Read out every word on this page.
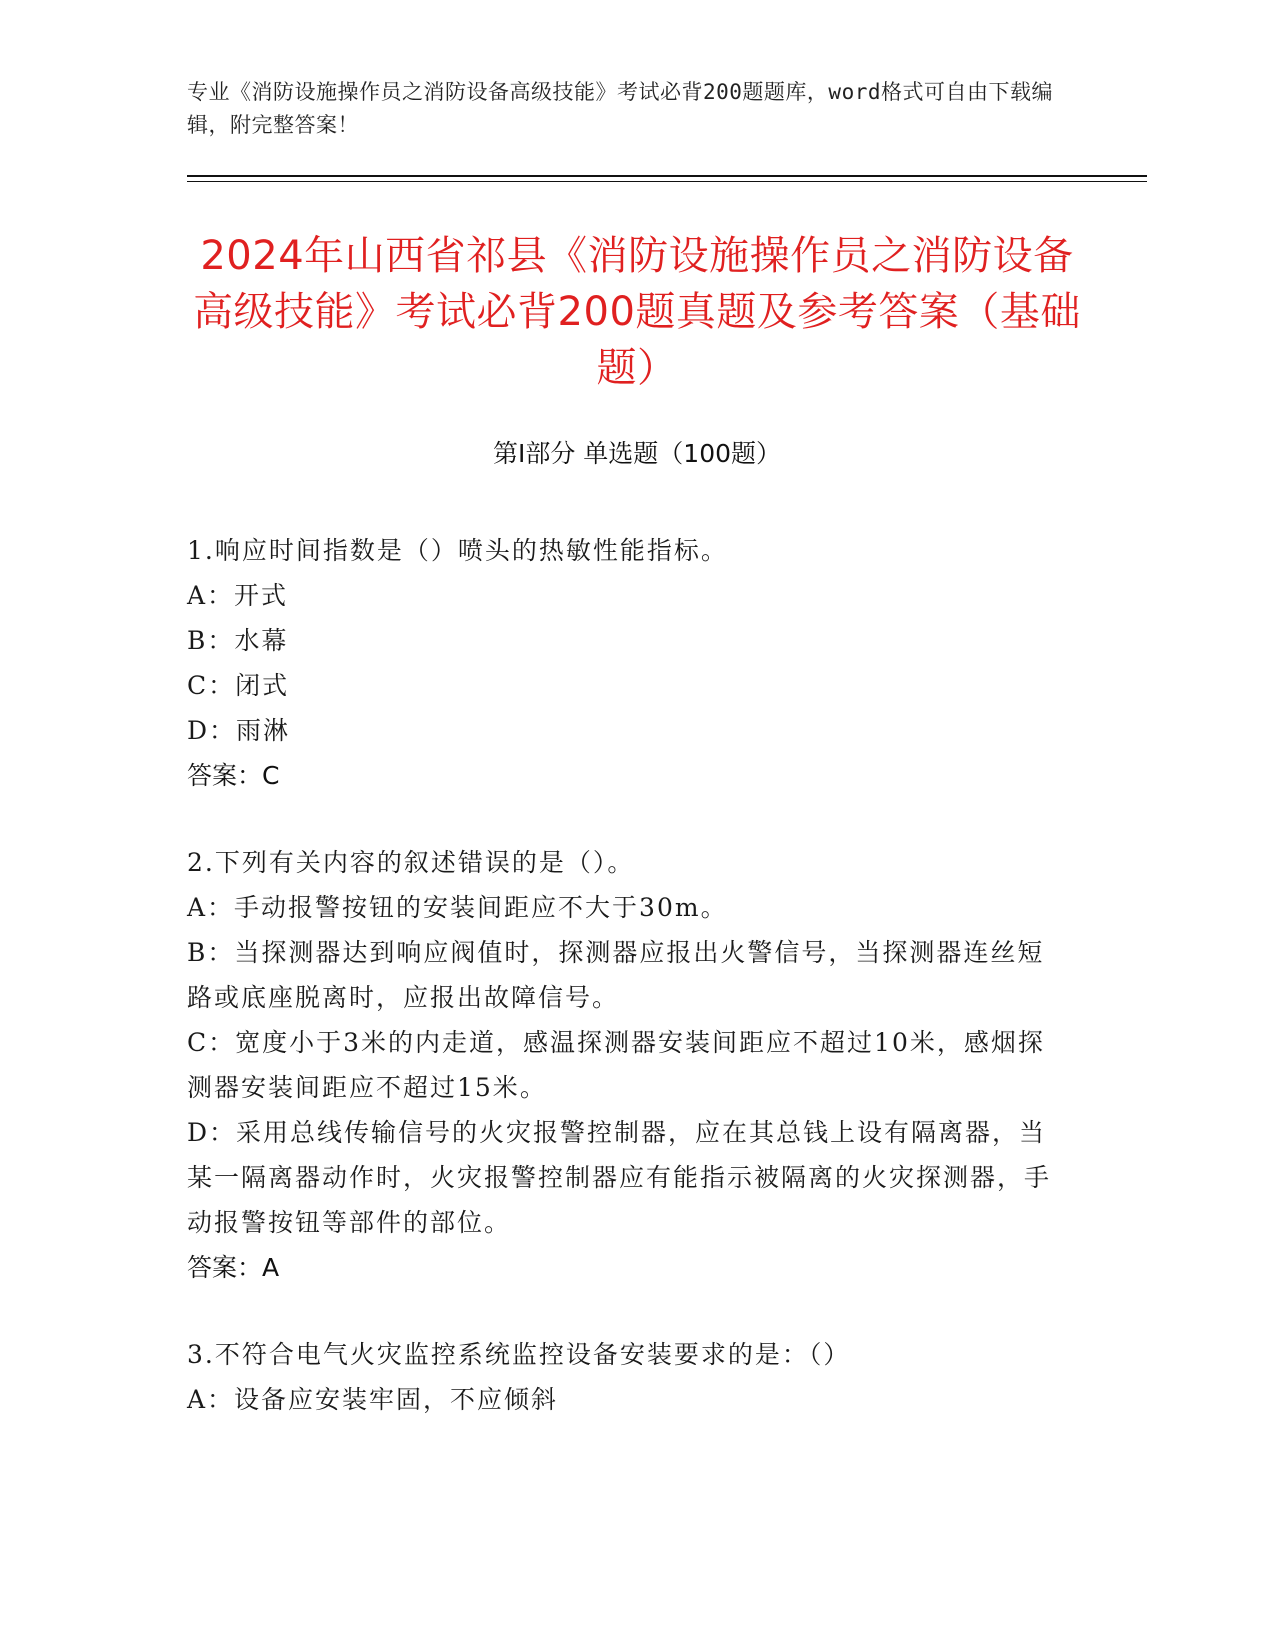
专业《消防设施操作员之消防设备高级技能》考试必背200题题库，word格式可自由下载编辑，附完整答案！
2024年山西省祁县《消防设施操作员之消防设备高级技能》考试必背200题真题及参考答案（基础题）
第Ⅰ部分 单选题（100题）
1.响应时间指数是（）喷头的热敏性能指标。
A：开式
B：水幕
C：闭式
D：雨淋
答案：C
2.下列有关内容的叙述错误的是（）。
A：手动报警按钮的安装间距应不大于30m。
B：当探测器达到响应阀值时，探测器应报出火警信号，当探测器连丝短路或底座脱离时，应报出故障信号。
C：宽度小于3米的内走道，感温探测器安装间距应不超过10米，感烟探测器安装间距应不超过15米。
D：采用总线传输信号的火灾报警控制器，应在其总钱上设有隔离器，当某一隔离器动作时，火灾报警控制器应有能指示被隔离的火灾探测器，手动报警按钮等部件的部位。
答案：A
3.不符合电气火灾监控系统监控设备安装要求的是：（）
A：设备应安装牢固，不应倾斜
